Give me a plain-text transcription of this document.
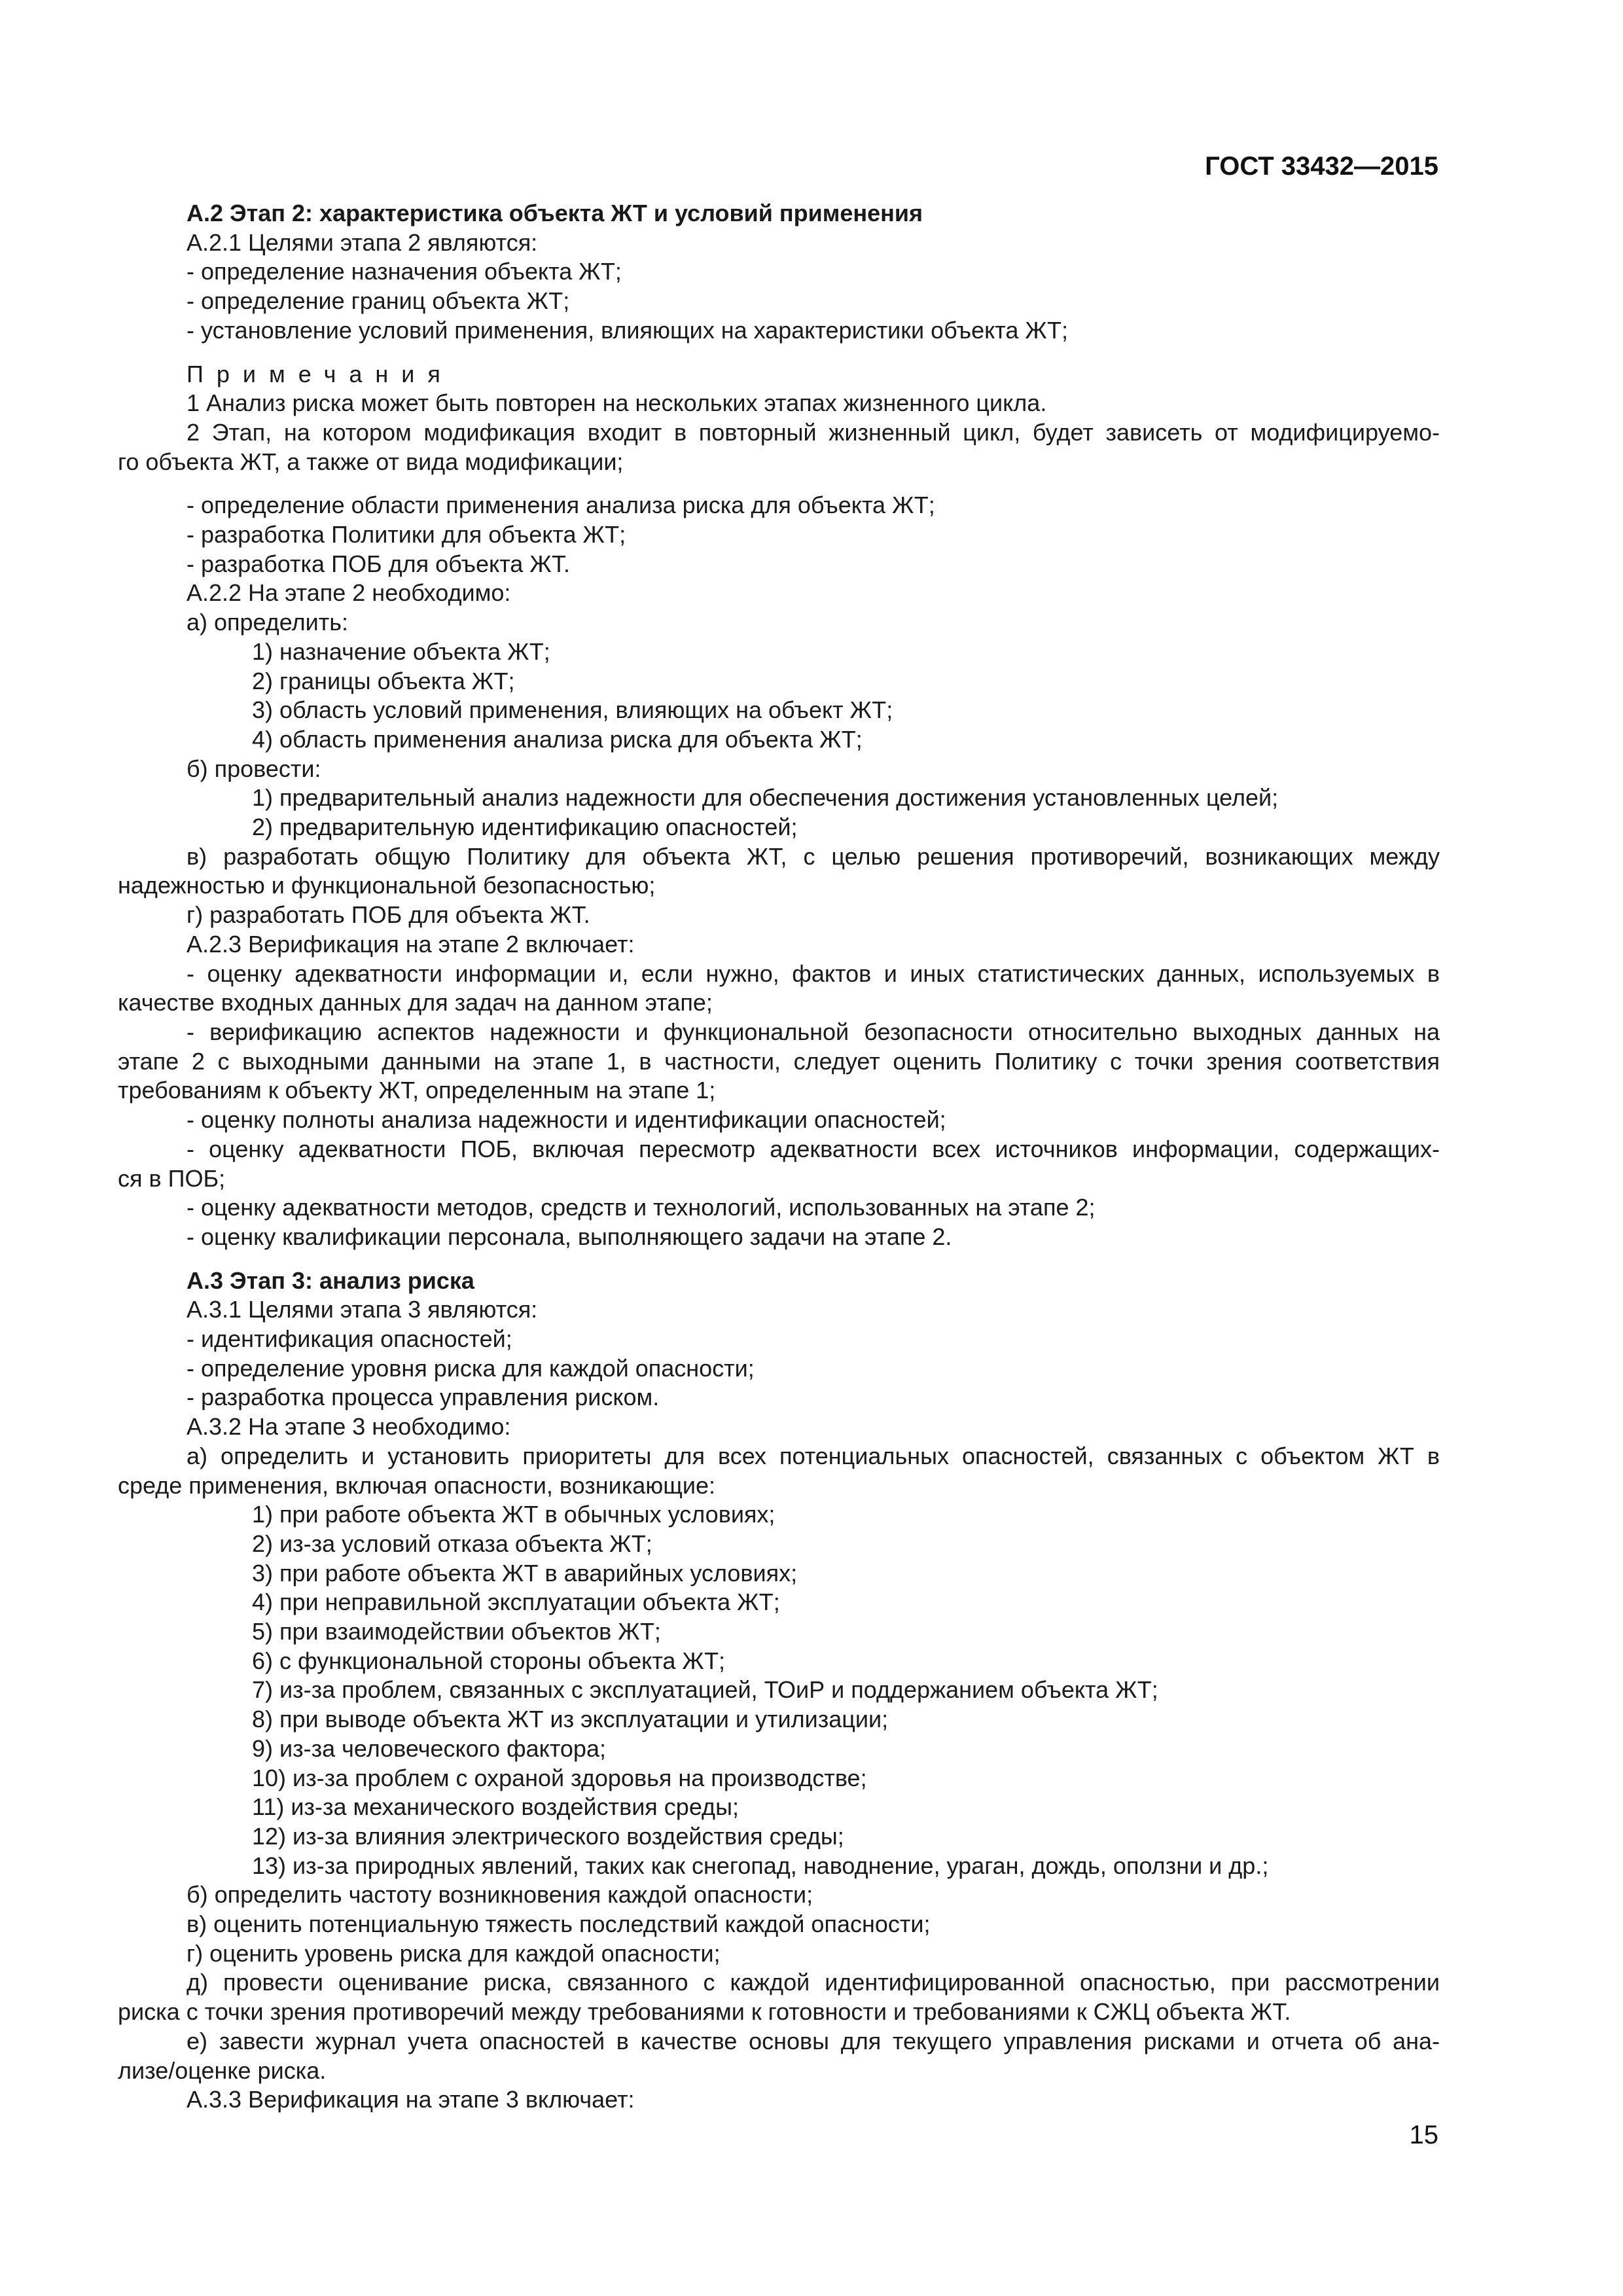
ГОСТ 33432—2015
А.2 Этап 2: характеристика объекта ЖТ и условий применения
А.2.1 Целями этапа 2 являются:
- определение назначения объекта ЖТ;
- определение границ объекта ЖТ;
- установление условий применения, влияющих на характеристики объекта ЖТ;
Примечания
1 Анализ риска может быть повторен на нескольких этапах жизненного цикла.
2 Этап, на котором модификация входит в повторный жизненный цикл, будет зависеть от модифицируемо-
го объекта ЖТ, а также от вида модификации;
- определение области применения анализа риска для объекта ЖТ;
- разработка Политики для объекта ЖТ;
- разработка ПОБ для объекта ЖТ.
А.2.2 На этапе 2 необходимо:
а) определить:
1) назначение объекта ЖТ;
2) границы объекта ЖТ;
3) область условий применения, влияющих на объект ЖТ;
4) область применения анализа риска для объекта ЖТ;
б) провести:
1) предварительный анализ надежности для обеспечения достижения установленных целей;
2) предварительную идентификацию опасностей;
в) разработать общую Политику для объекта ЖТ, с целью решения противоречий, возникающих между
надежностью и функциональной безопасностью;
г) разработать ПОБ для объекта ЖТ.
А.2.3 Верификация на этапе 2 включает:
- оценку адекватности информации и, если нужно, фактов и иных статистических данных, используемых в
качестве входных данных для задач на данном этапе;
- верификацию аспектов надежности и функциональной безопасности относительно выходных данных на
этапе 2 с выходными данными на этапе 1, в частности, следует оценить Политику с точки зрения соответствия
требованиям к объекту ЖТ, определенным на этапе 1;
- оценку полноты анализа надежности и идентификации опасностей;
- оценку адекватности ПОБ, включая пересмотр адекватности всех источников информации, содержащих-
ся в ПОБ;
- оценку адекватности методов, средств и технологий, использованных на этапе 2;
- оценку квалификации персонала, выполняющего задачи на этапе 2.
А.3 Этап 3: анализ риска
А.3.1 Целями этапа 3 являются:
- идентификация опасностей;
- определение уровня риска для каждой опасности;
- разработка процесса управления риском.
А.3.2 На этапе 3 необходимо:
а) определить и установить приоритеты для всех потенциальных опасностей, связанных с объектом ЖТ в
среде применения, включая опасности, возникающие:
1) при работе объекта ЖТ в обычных условиях;
2) из-за условий отказа объекта ЖТ;
3) при работе объекта ЖТ в аварийных условиях;
4) при неправильной эксплуатации объекта ЖТ;
5) при взаимодействии объектов ЖТ;
6) с функциональной стороны объекта ЖТ;
7) из-за проблем, связанных с эксплуатацией, ТОиР и поддержанием объекта ЖТ;
8) при выводе объекта ЖТ из эксплуатации и утилизации;
9) из-за человеческого фактора;
10) из-за проблем с охраной здоровья на производстве;
11) из-за механического воздействия среды;
12) из-за влияния электрического воздействия среды;
13) из-за природных явлений, таких как снегопад, наводнение, ураган, дождь, оползни и др.;
б) определить частоту возникновения каждой опасности;
в) оценить потенциальную тяжесть последствий каждой опасности;
г) оценить уровень риска для каждой опасности;
д) провести оценивание риска, связанного с каждой идентифицированной опасностью, при рассмотрении
риска с точки зрения противоречий между требованиями к готовности и требованиями к СЖЦ объекта ЖТ.
е) завести журнал учета опасностей в качестве основы для текущего управления рисками и отчета об ана-
лизе/оценке риска.
А.3.3 Верификация на этапе 3 включает:
15
